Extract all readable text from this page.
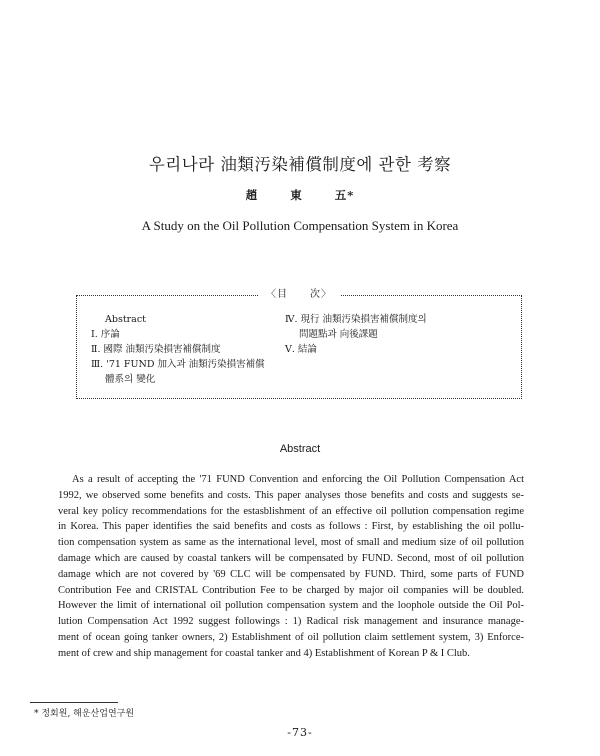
우리나라 油類汚染補償制度에 관한 考察
趙	東	五*
A Study on the Oil Pollution Compensation System in Korea
〈目　　次〉
Abstract
Ⅰ. 序論
Ⅱ. 國際 油類汚染損害補償制度
Ⅲ. '71 FUND 加入과 油類汚染損害補償
體系의 變化
Ⅳ. 現行 油類汚染損害補償制度의
問題點과 向後課題
Ⅴ. 結論
Abstract
As a result of accepting the '71 FUND Convention and enforcing the Oil Pollution Compensation Act
1992, we observed some benefits and costs. This paper analyses those benefits and costs and suggests se-
veral key policy recommendations for the estasblishment of an effective oil pollution compensation regime
in Korea. This paper identifies the said benefits and costs as follows : First, by establishing the oil pollu-
tion compensation system as same as the international level, most of small and medium size of oil pollution
damage which are caused by coastal tankers will be compensated by FUND. Second, most of oil pollution
damage which are not covered by '69 CLC will be compensated by FUND. Third, some parts of FUND
Contribution Fee and CRISTAL Contribution Fee to be charged by major oil companies will be doubled.
However the limit of international oil pollution compensation system and the loophole outside the Oil Pol-
lution Compensation Act 1992 suggest followings : 1) Radical risk management and insurance manage-
ment of ocean going tanker owners, 2) Establishment of oil pollution claim settlement system, 3) Enforce-
ment of crew and ship management for coastal tanker and 4) Establishment of Korean P & I Club.
* 정회원, 해운산업연구원
-73-
